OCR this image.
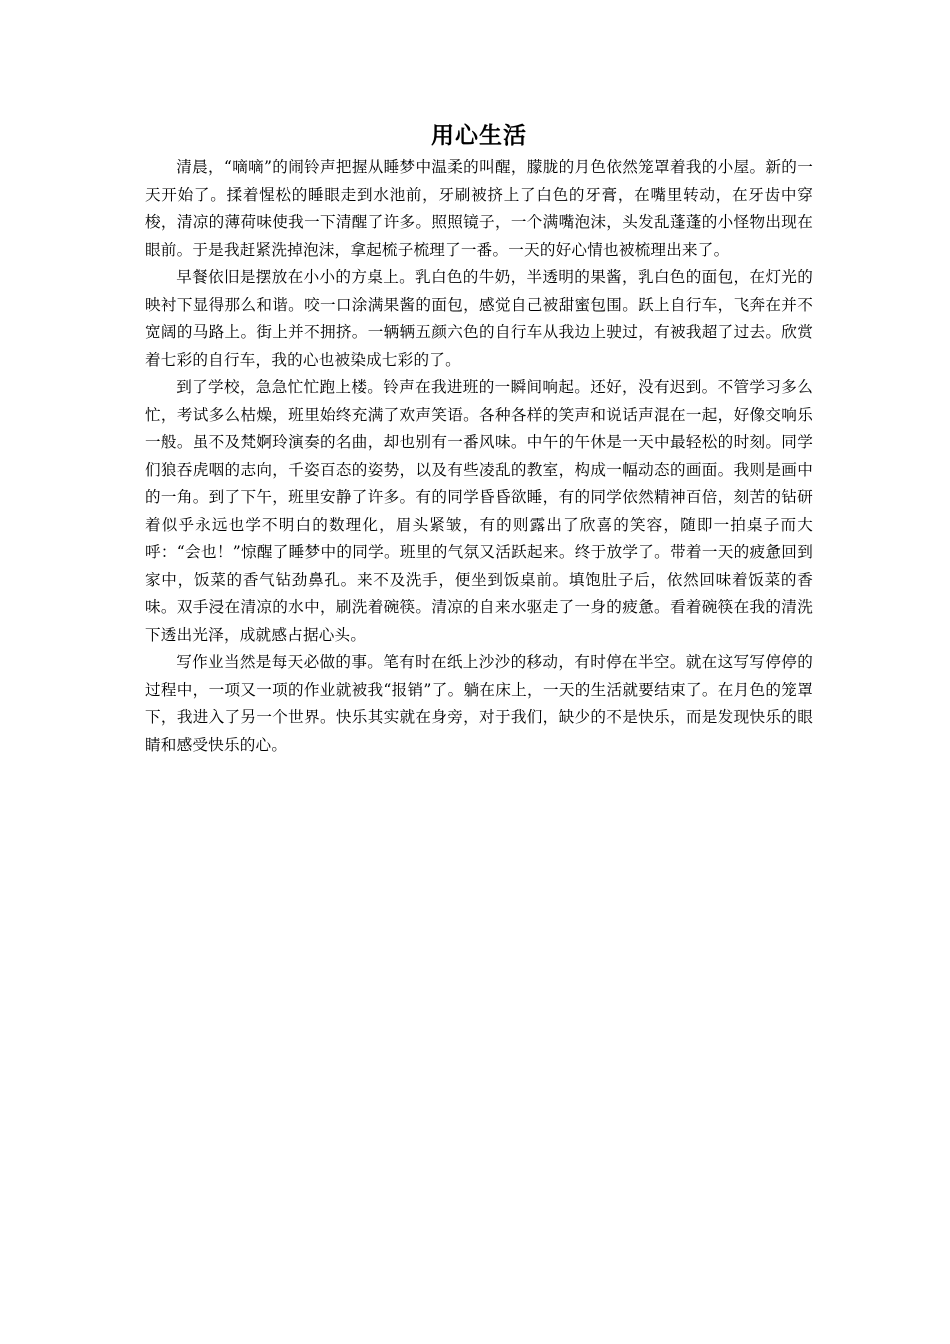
用心生活

清晨，“嘀嘀”的闹铃声把握从睡梦中温柔的叫醒，朦胧的月色依然笼罩着我的小屋。新的一天开始了。揉着惺松的睡眼走到水池前，牙刷被挤上了白色的牙膏，在嘴里转动，在牙齿中穿梭，清凉的薄荷味使我一下清醒了许多。照照镜子，一个满嘴泡沫，头发乱蓬蓬的小怪物出现在眼前。于是我赶紧洗掉泡沫，拿起梳子梳理了一番。一天的好心情也被梳理出来了。

早餐依旧是摆放在小小的方桌上。乳白色的牛奶，半透明的果酱，乳白色的面包，在灯光的映衬下显得那么和谐。咬一口涂满果酱的面包，感觉自己被甜蜜包围。跃上自行车，飞奔在并不宽阔的马路上。街上并不拥挤。一辆辆五颜六色的自行车从我边上驶过，有被我超了过去。欣赏着七彩的自行车，我的心也被染成七彩的了。

到了学校，急急忙忙跑上楼。铃声在我进班的一瞬间响起。还好，没有迟到。不管学习多么忙，考试多么枯燥，班里始终充满了欢声笑语。各种各样的笑声和说话声混在一起，好像交响乐一般。虽不及梵婀玲演奏的名曲，却也别有一番风味。中午的午休是一天中最轻松的时刻。同学们狼吞虎咽的志向，千姿百态的姿势，以及有些凌乱的教室，构成一幅动态的画面。我则是画中的一角。到了下午，班里安静了许多。有的同学昏昏欲睡，有的同学依然精神百倍，刻苦的钻研着似乎永远也学不明白的数理化，眉头紧皱，有的则露出了欣喜的笑容，随即一拍桌子而大呼：“会也！”惊醒了睡梦中的同学。班里的气氛又活跃起来。终于放学了。带着一天的疲惫回到家中，饭菜的香气钻劲鼻孔。来不及洗手，便坐到饭桌前。填饱肚子后，依然回味着饭菜的香味。双手浸在清凉的水中，刷洗着碗筷。清凉的自来水驱走了一身的疲惫。看着碗筷在我的清洗下透出光泽，成就感占据心头。

写作业当然是每天必做的事。笔有时在纸上沙沙的移动，有时停在半空。就在这写写停停的过程中，一项又一项的作业就被我“报销”了。躺在床上，一天的生活就要结束了。在月色的笼罩下，我进入了另一个世界。快乐其实就在身旁，对于我们，缺少的不是快乐，而是发现快乐的眼睛和感受快乐的心。
